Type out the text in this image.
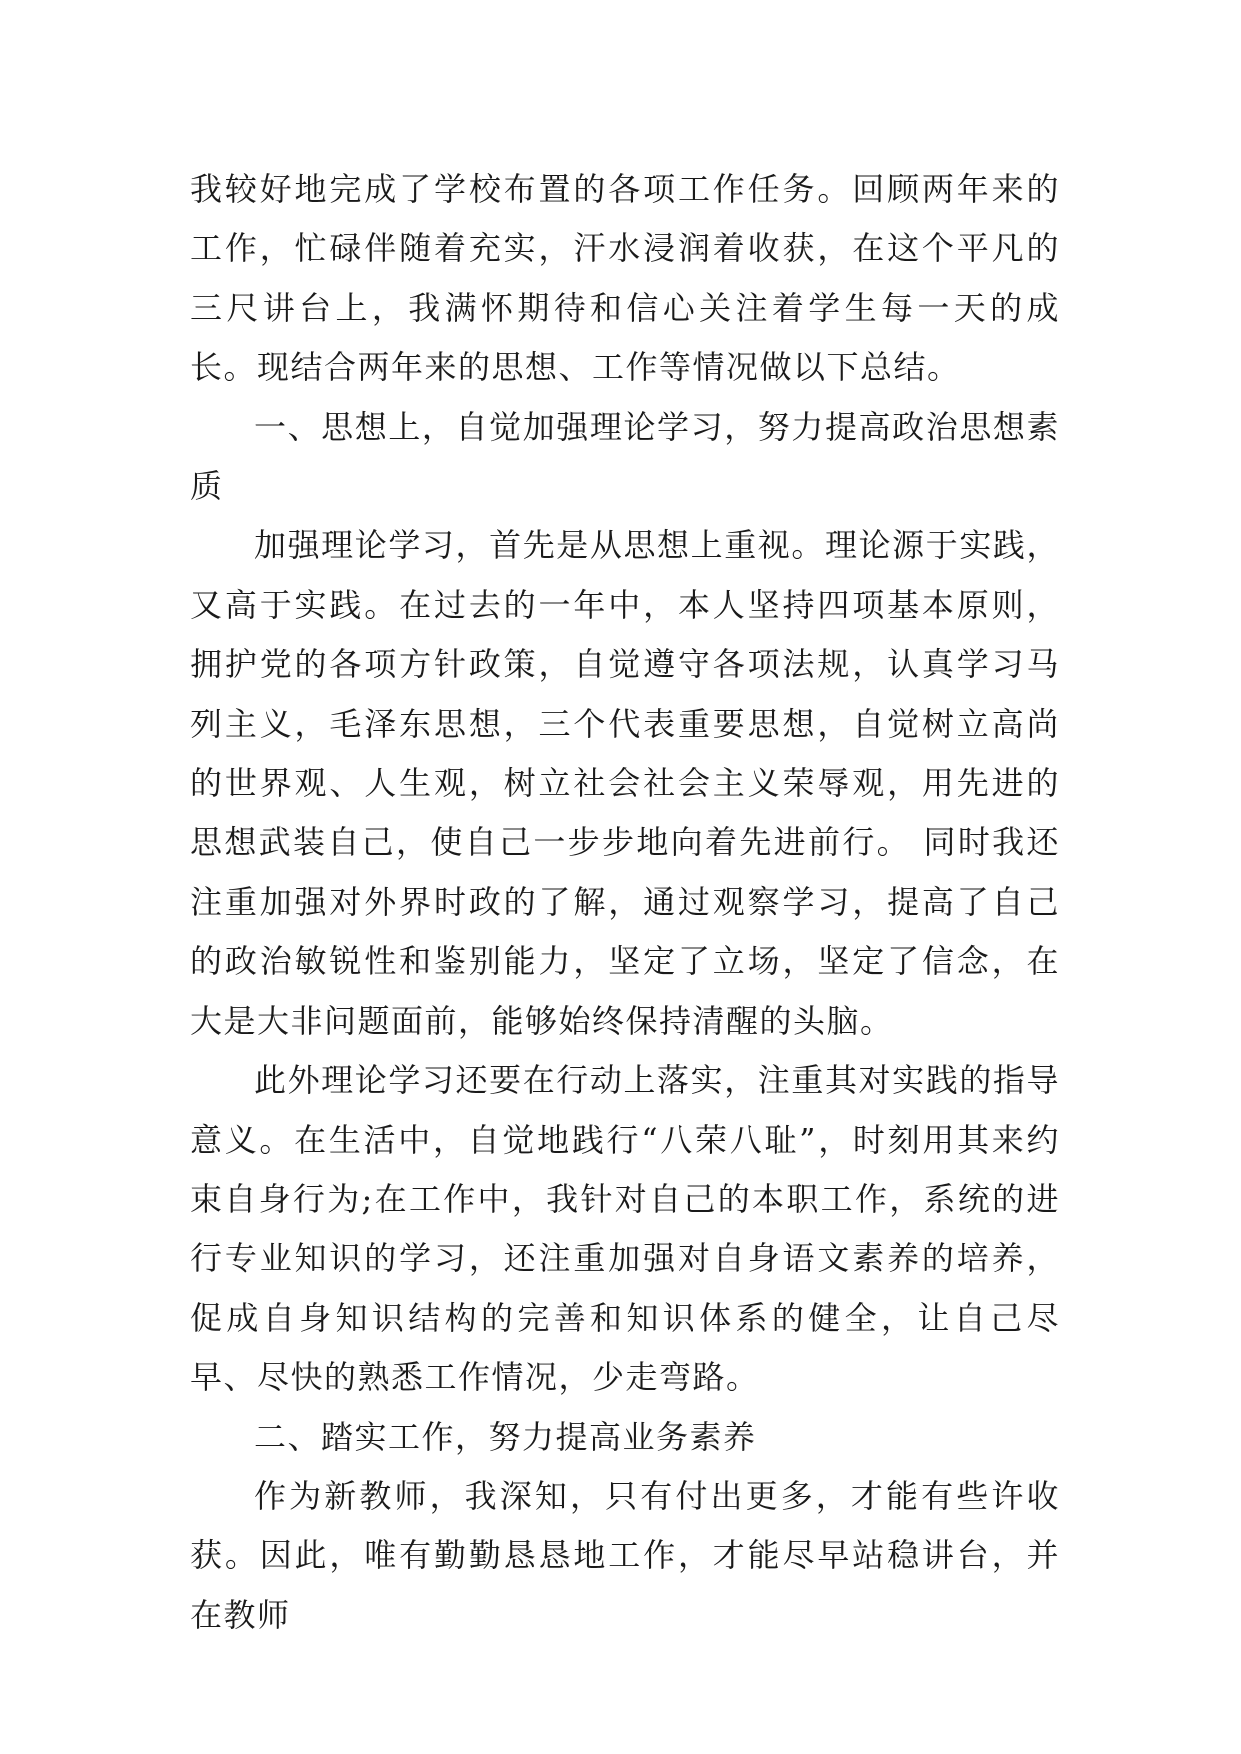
我较好地完成了学校布置的各项工作任务。回顾两年来的工作，忙碌伴随着充实，汗水浸润着收获，在这个平凡的三尺讲台上，我满怀期待和信心关注着学生每一天的成长。现结合两年来的思想、工作等情况做以下总结。

一、思想上，自觉加强理论学习，努力提高政治思想素质

加强理论学习，首先是从思想上重视。理论源于实践，又高于实践。在过去的一年中，本人坚持四项基本原则，拥护党的各项方针政策，自觉遵守各项法规，认真学习马列主义，毛泽东思想，三个代表重要思想，自觉树立高尚的世界观、人生观，树立社会社会主义荣辱观，用先进的思想武装自己，使自己一步步地向着先进前行。 同时我还注重加强对外界时政的了解，通过观察学习，提高了自己的政治敏锐性和鉴别能力，坚定了立场，坚定了信念，在大是大非问题面前，能够始终保持清醒的头脑。

此外理论学习还要在行动上落实，注重其对实践的指导意义。在生活中，自觉地践行“八荣八耻”，时刻用其来约束自身行为;在工作中，我针对自己的本职工作，系统的进行专业知识的学习，还注重加强对自身语文素养的培养，促成自身知识结构的完善和知识体系的健全，让自己尽早、尽快的熟悉工作情况，少走弯路。

二、踏实工作，努力提高业务素养

作为新教师，我深知，只有付出更多，才能有些许收获。因此，唯有勤勤恳恳地工作，才能尽早站稳讲台，并在教师
